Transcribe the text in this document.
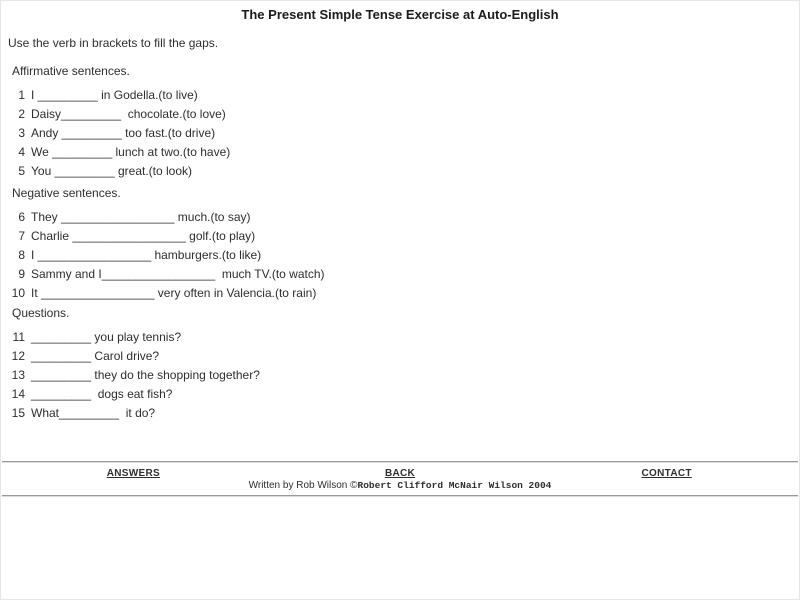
The Present Simple Tense Exercise at Auto-English
Use the verb in brackets to fill the gaps.
Affirmative sentences.
1 I _________ in Godella.(to live)
2 Daisy_________  chocolate.(to love)
3 Andy _________ too fast.(to drive)
4 We _________ lunch at two.(to have)
5 You _________ great.(to look)
Negative sentences.
6 They _________________ much.(to say)
7 Charlie _________________ golf.(to play)
8 I _________________ hamburgers.(to like)
9 Sammy and I_________________  much TV.(to watch)
10 It _________________ very often in Valencia.(to rain)
Questions.
11 _________ you play tennis?
12 _________ Carol drive?
13 _________ they do the shopping together?
14 _________  dogs eat fish?
15 What_________  it do?
ANSWERS	BACK	CONTACT
Written by Rob Wilson ©Robert Clifford McNair Wilson 2004
